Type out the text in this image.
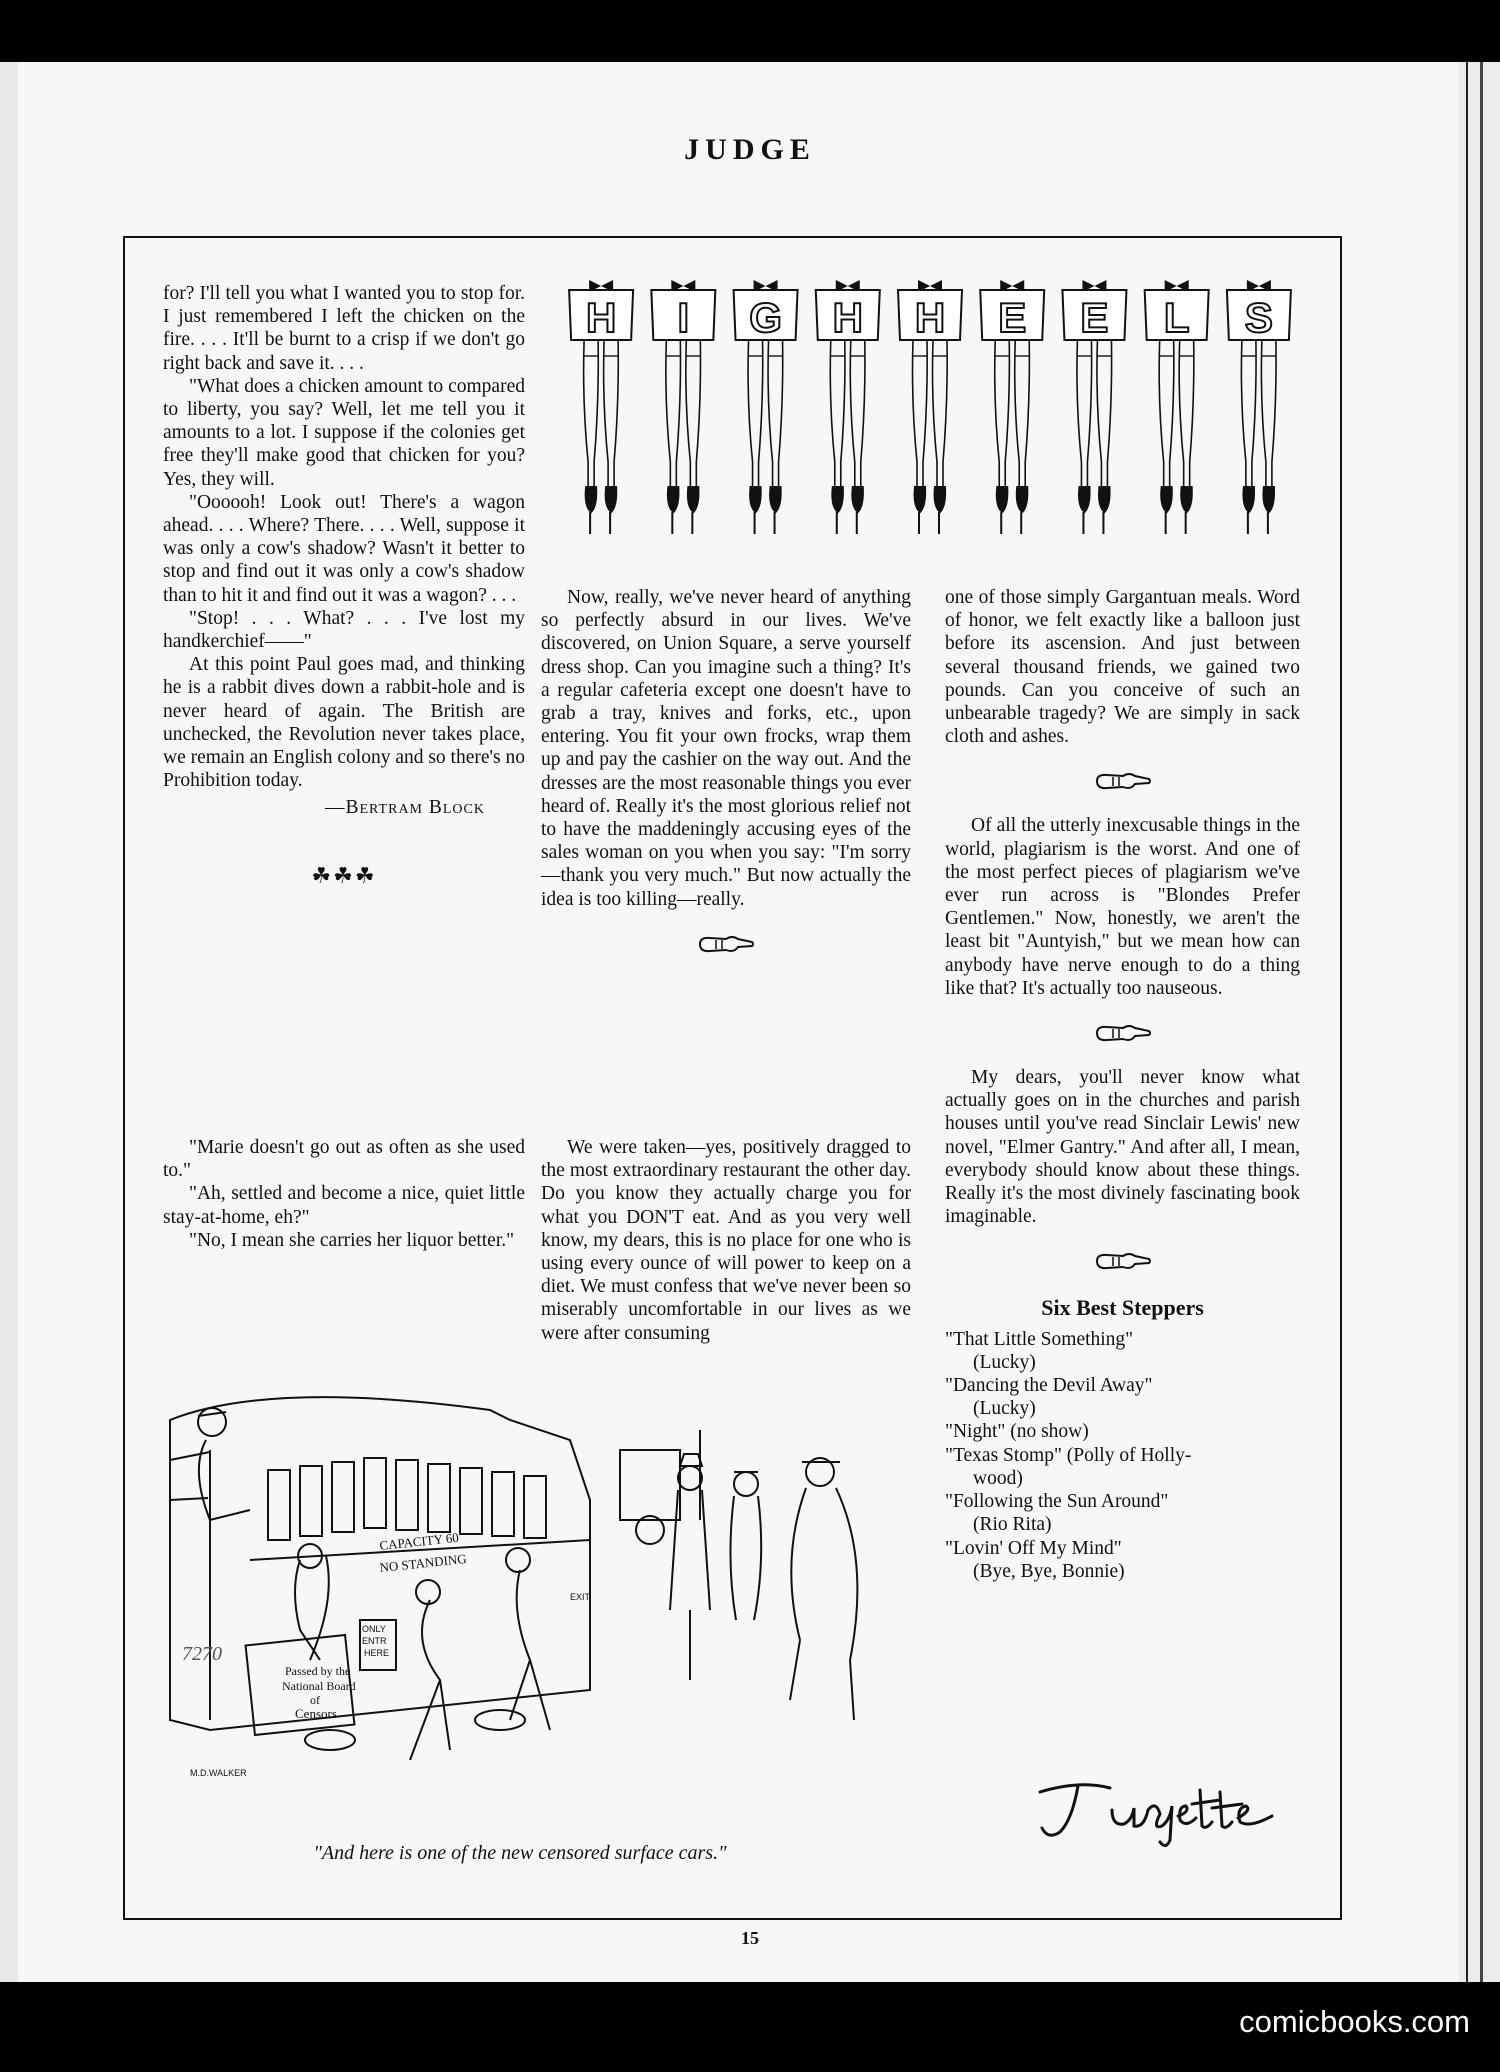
JUDGE

for? I'll tell you what I wanted you to stop for. I just remembered I left the chicken on the fire. . . . It'll be burnt to a crisp if we don't go right back and save it. . . .

"What does a chicken amount to compared to liberty, you say? Well, let me tell you it amounts to a lot. I suppose if the colonies get free they'll make good that chicken for you? Yes, they will.

"Oooooh! Look out! There's a wagon ahead. . . . Where? There. . . . Well, suppose it was only a cow's shadow? Wasn't it better to stop and find out it was only a cow's shadow than to hit it and find out it was a wagon? . . .

"Stop! . . . What? . . . I've lost my handkerchief——"

At this point Paul goes mad, and thinking he is a rabbit dives down a rabbit-hole and is never heard of again. The British are unchecked, the Revolution never takes place, we remain an English colony and so there's no Prohibition today.

—Bertram Block
☘☘☘

"Marie doesn't go out as often as she used to."

"Ah, settled and become a nice, quiet little stay-at-home, eh?"

"No, I mean she carries her liquor better."

H I G H H E E L S

Now, really, we've never heard of anything so perfectly absurd in our lives. We've discovered, on Union Square, a serve yourself dress shop. Can you imagine such a thing? It's a regular cafeteria except one doesn't have to grab a tray, knives and forks, etc., upon entering. You fit your own frocks, wrap them up and pay the cashier on the way out. And the dresses are the most reasonable things you ever heard of. Really it's the most glorious relief not to have the maddeningly accusing eyes of the sales woman on you when you say: "I'm sorry—thank you very much." But now actually the idea is too killing—really.

We were taken—yes, positively dragged to the most extraordinary restaurant the other day. Do you know they actually charge you for what you DON'T eat. And as you very well know, my dears, this is no place for one who is using every ounce of will power to keep on a diet. We must confess that we've never been so miserably uncomfortable in our lives as we were after consuming

one of those simply Gargantuan meals. Word of honor, we felt exactly like a balloon just before its ascension. And just between several thousand friends, we gained two pounds. Can you conceive of such an unbearable tragedy? We are simply in sack cloth and ashes.

Of all the utterly inexcusable things in the world, plagiarism is the worst. And one of the most perfect pieces of plagiarism we've ever run across is "Blondes Prefer Gentlemen." Now, honestly, we aren't the least bit "Auntyish," but we mean how can anybody have nerve enough to do a thing like that? It's actually too nauseous.

My dears, you'll never know what actually goes on in the churches and parish houses until you've read Sinclair Lewis' new novel, "Elmer Gantry." And after all, I mean, everybody should know about these things. Really it's the most divinely fascinating book imaginable.

Six Best Steppers
"That Little Something"
(Lucky)
"Dancing the Devil Away"
(Lucky)
"Night" (no show)
"Texas Stomp" (Polly of Holly-
wood)
"Following the Sun Around"
(Rio Rita)
"Lovin' Off My Mind"
(Bye, Bye, Bonnie)
Passed by the
National Board
of
Censors
ONLY
ENTR
HERE
CAPACITY 60
NO STANDING
7270
EXIT
M.D.WALKER
"And here is one of the new censored surface cars."
15
comicbooks.com
